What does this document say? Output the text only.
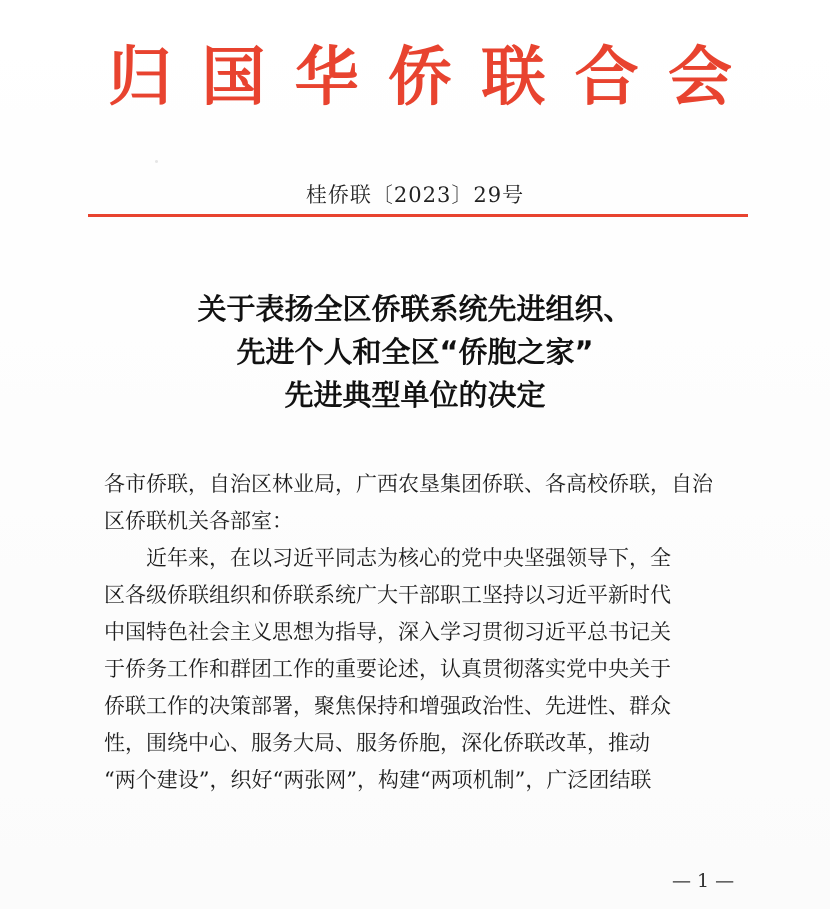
归 国 华 侨 联 合 会
桂侨联〔2023〕29号
关于表扬全区侨联系统先进组织、
先进个人和全区“侨胞之家”
先进典型单位的决定
各市侨联，自治区林业局，广西农垦集团侨联、各高校侨联，自治
区侨联机关各部室：
近年来，在以习近平同志为核心的党中央坚强领导下，全
区各级侨联组织和侨联系统广大干部职工坚持以习近平新时代
中国特色社会主义思想为指导，深入学习贯彻习近平总书记关
于侨务工作和群团工作的重要论述，认真贯彻落实党中央关于
侨联工作的决策部署，聚焦保持和增强政治性、先进性、群众
性，围绕中心、服务大局、服务侨胞，深化侨联改革，推动
“两个建设”，织好“两张网”，构建“两项机制”，广泛团结联
— 1 —
